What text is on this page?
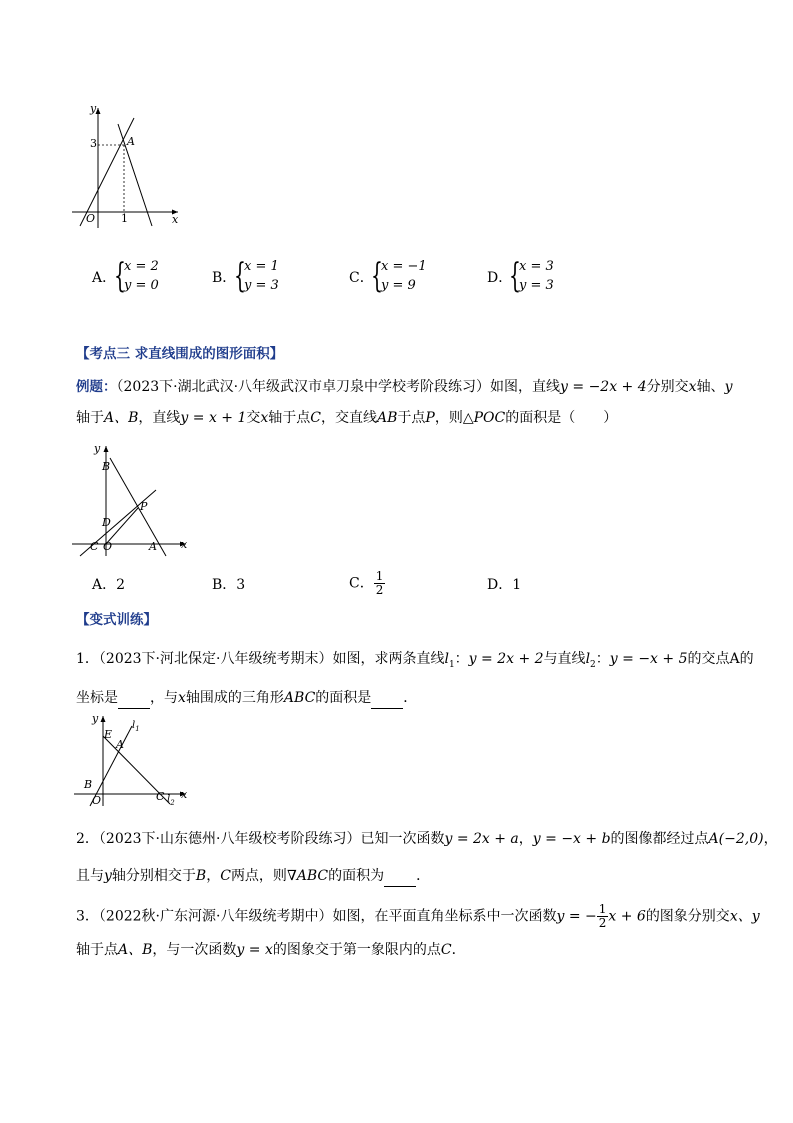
y
x
O
3
1
A
A．
{
x = 2
y = 0	B．
{
x = 1
y = 3	C．
{
x = −1
y = 9	D．
{
x = 3
y = 3
【考点三 求直线围成的图形面积】
例题：（2023下·湖北武汉·八年级武汉市卓刀泉中学校考阶段练习）如图，直线y = −2x + 4分别交x轴、y
轴于A、B，直线y = x + 1交x轴于点C，交直线AB于点P，则△POC的面积是（　　）
y
B
P
D
C O	A x
A．2	B．3	C． $\frac{1}{2}$	D．1
【变式训练】
1．（2023下·河北保定·八年级统考期末）如图，求两条直线$l_1$：y = 2x + 2与直线$l_2$：y = −x + 5的交点A的
坐标是 ，与x轴围成的三角形ABC的面积是 ．
y
E
$l_1$
A
B
O	C $l_2$
x
2．（2023下·山东德州·八年级校考阶段练习）已知一次函数y = 2x + a，y = −x + b的图像都经过点A(−2,0)，
且与y轴分别相交于B，C两点，则∇ABC的面积为 ．
3．（2022秋·广东河源·八年级统考期中）如图，在平面直角坐标系中一次函数y = − $\frac{1}{2}$ x + 6的图象分别交x、y
轴于点A、B，与一次函数y = x的图象交于第一象限内的点C．
